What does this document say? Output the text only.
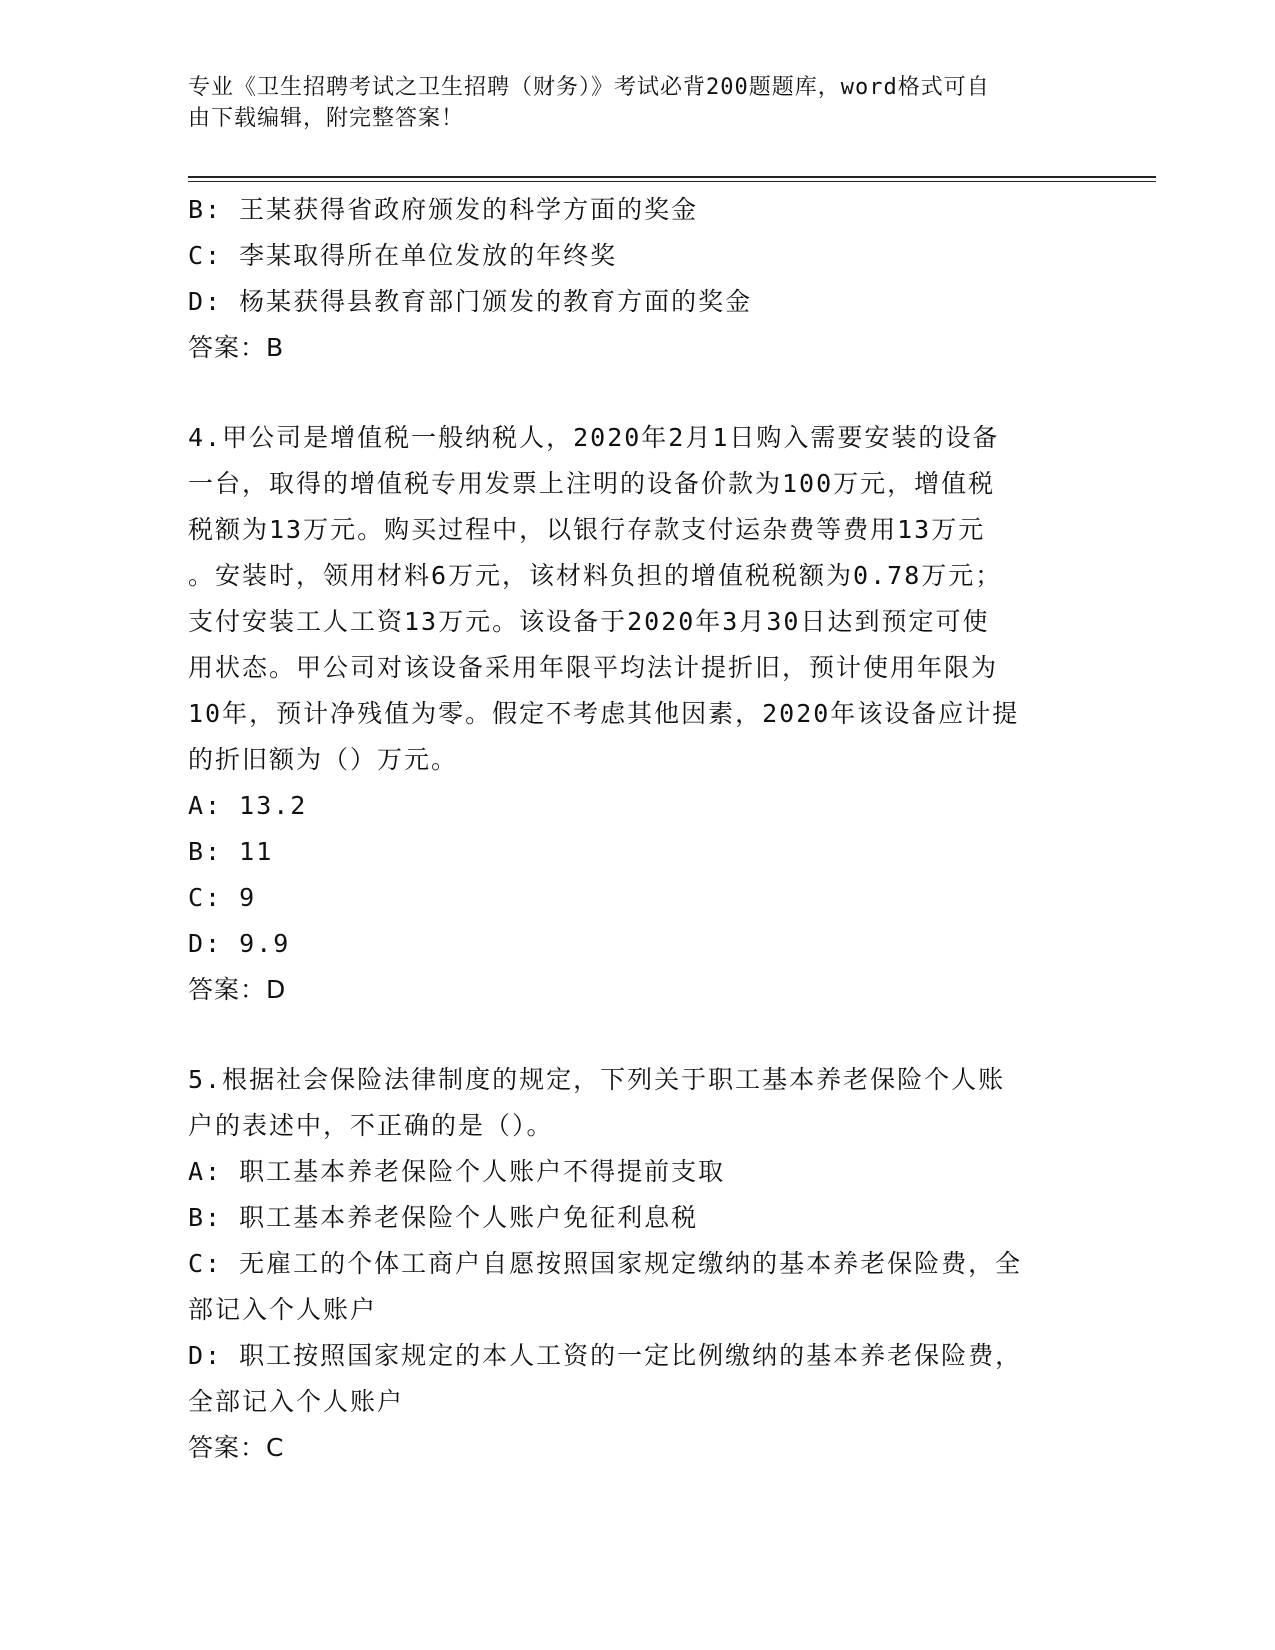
专业《卫生招聘考试之卫生招聘（财务）》考试必背200题题库，word格式可自
由下载编辑，附完整答案！
B: 王某获得省政府颁发的科学方面的奖金
C: 李某取得所在单位发放的年终奖
D: 杨某获得县教育部门颁发的教育方面的奖金
答案：B
4.甲公司是增值税一般纳税人，2020年2月1日购入需要安装的设备
一台，取得的增值税专用发票上注明的设备价款为100万元，增值税
税额为13万元。购买过程中，以银行存款支付运杂费等费用13万元
。安装时，领用材料6万元，该材料负担的增值税税额为0.78万元；
支付安装工人工资13万元。该设备于2020年3月30日达到预定可使
用状态。甲公司对该设备采用年限平均法计提折旧，预计使用年限为
10年，预计净残值为零。假定不考虑其他因素，2020年该设备应计提
的折旧额为（）万元。
A: 13.2
B: 11
C: 9
D: 9.9
答案：D
5.根据社会保险法律制度的规定，下列关于职工基本养老保险个人账
户的表述中，不正确的是（）。
A: 职工基本养老保险个人账户不得提前支取
B: 职工基本养老保险个人账户免征利息税
C: 无雇工的个体工商户自愿按照国家规定缴纳的基本养老保险费，全
部记入个人账户
D: 职工按照国家规定的本人工资的一定比例缴纳的基本养老保险费，
全部记入个人账户
答案：C
